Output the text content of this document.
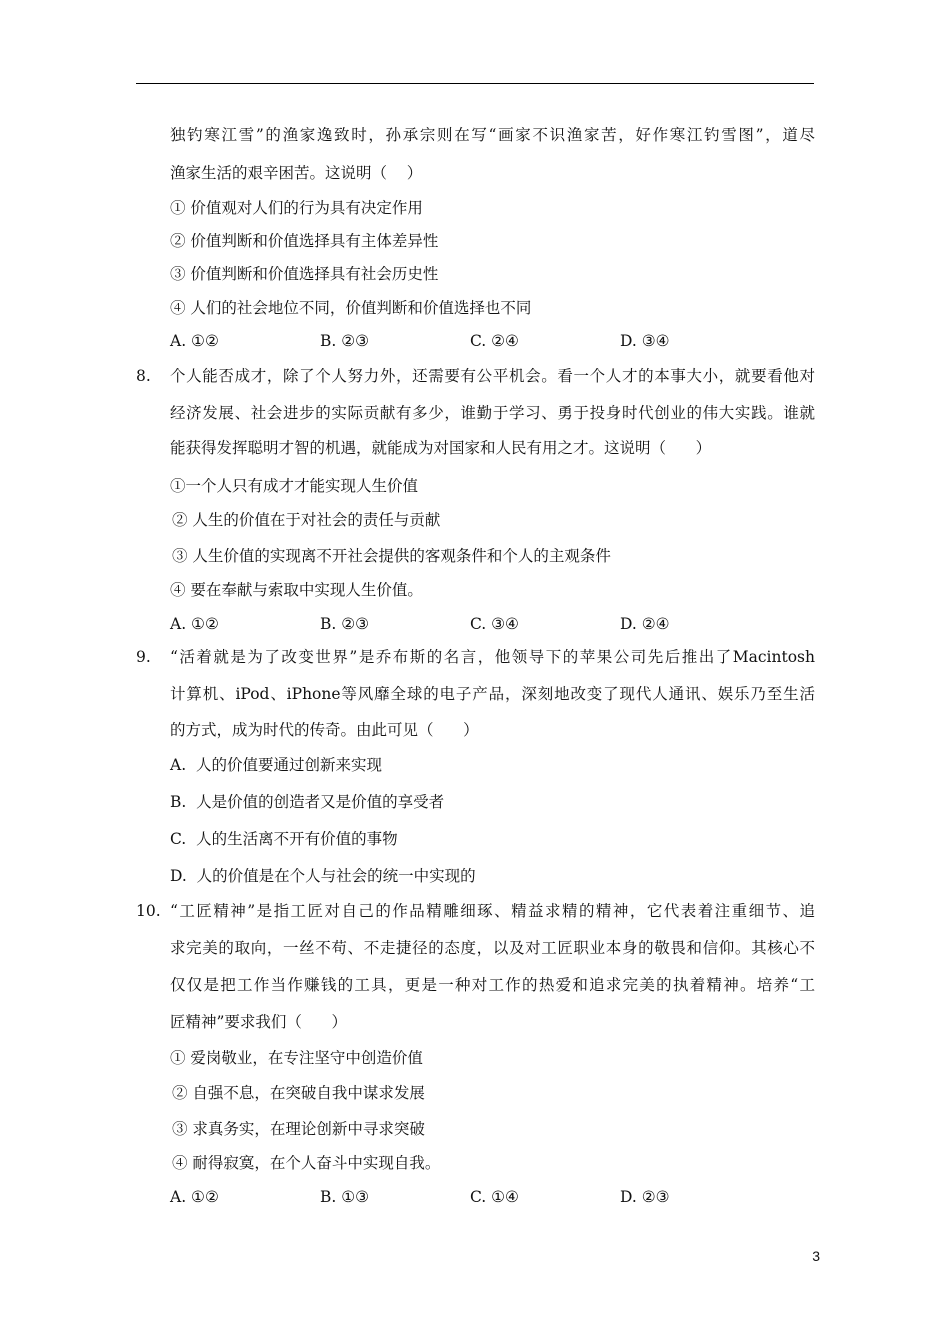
独钓寒江雪”的渔家逸致时，孙承宗则在写“画家不识渔家苦，好作寒江钓雪图”，道尽
渔家生活的艰辛困苦。这说明（    ）
① 价值观对人们的行为具有决定作用
② 价值判断和价值选择具有主体差异性
③ 价值判断和价值选择具有社会历史性
④ 人们的社会地位不同，价值判断和价值选择也不同
A. ①②	B. ②③	C. ②④	D. ③④
8. 个人能否成才，除了个人努力外，还需要有公平机会。看一个人才的本事大小，就要看他对
经济发展、社会进步的实际贡献有多少，谁勤于学习、勇于投身时代创业的伟大实践。谁就
能获得发挥聪明才智的机遇，就能成为对国家和人民有用之才。这说明（      ）
①一个人只有成才才能实现人生价值
② 人生的价值在于对社会的责任与贡献
③ 人生价值的实现离不开社会提供的客观条件和个人的主观条件
④ 要在奉献与索取中实现人生价值。
A. ①②	B. ②③	C. ③④	D. ②④
9. “活着就是为了改变世界”是乔布斯的名言，他领导下的苹果公司先后推出了Macintosh
计算机、iPod、iPhone等风靡全球的电子产品，深刻地改变了现代人通讯、娱乐乃至生活
的方式，成为时代的传奇。由此可见（      ）
A.  人的价值要通过创新来实现
B.  人是价值的创造者又是价值的享受者
C.  人的生活离不开有价值的事物
D.  人的价值是在个人与社会的统一中实现的
10. “工匠精神”是指工匠对自己的作品精雕细琢、精益求精的精神，它代表着注重细节、追
求完美的取向，一丝不苟、不走捷径的态度，以及对工匠职业本身的敬畏和信仰。其核心不
仅仅是把工作当作赚钱的工具，更是一种对工作的热爱和追求完美的执着精神。培养“工
匠精神”要求我们（      ）
① 爱岗敬业，在专注坚守中创造价值
② 自强不息，在突破自我中谋求发展
③ 求真务实，在理论创新中寻求突破
④ 耐得寂寞，在个人奋斗中实现自我。
A. ①②	B. ①③	C. ①④	D. ②③
3
